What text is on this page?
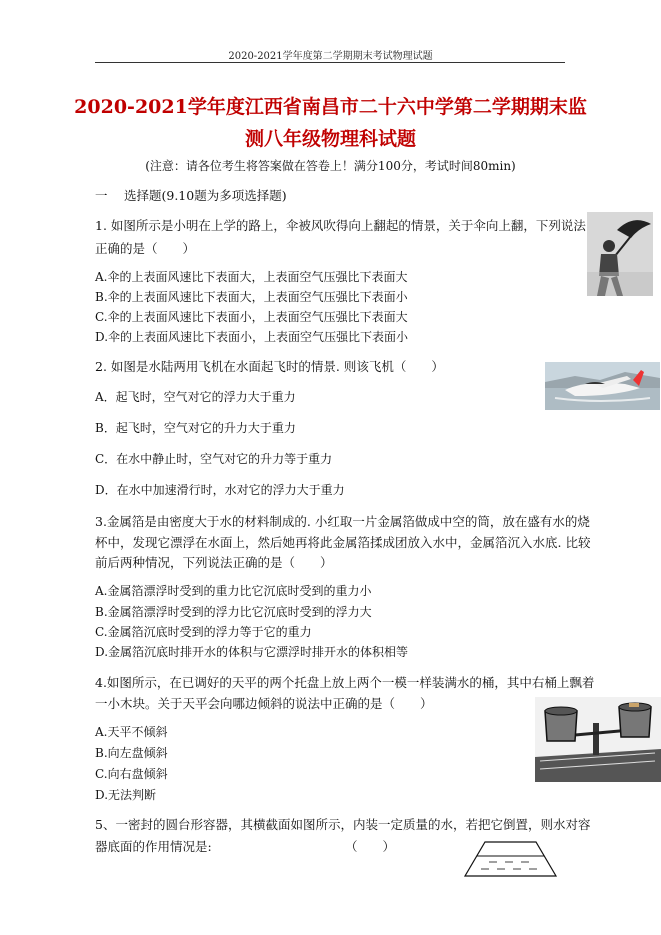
2020-2021学年度第二学期期末考试物理试题
2020-2021学年度江西省南昌市二十六中学第二学期期末监
测八年级物理科试题
(注意：请各位考生将答案做在答卷上！满分100分，考试时间80min)
一 选择题(9.10题为多项选择题)
1. 如图所示是小明在上学的路上，伞被风吹得向上翻起的情景，关于伞向上翻，下列说法
正确的是（　　）
A.伞的上表面风速比下表面大，上表面空气压强比下表面大
B.伞的上表面风速比下表面大，上表面空气压强比下表面小
C.伞的上表面风速比下表面小，上表面空气压强比下表面大
D.伞的上表面风速比下表面小，上表面空气压强比下表面小
2. 如图是水陆两用飞机在水面起飞时的情景. 则该飞机（　　）
A．起飞时，空气对它的浮力大于重力
B．起飞时，空气对它的升力大于重力
C．在水中静止时，空气对它的升力等于重力
D．在水中加速滑行时，水对它的浮力大于重力
3.金属箔是由密度大于水的材料制成的. 小红取一片金属箔做成中空的筒，放在盛有水的烧
杯中，发现它漂浮在水面上，然后她再将此金属箔揉成团放入水中，金属箔沉入水底. 比较
前后两种情况，下列说法正确的是（　　）
A.金属箔漂浮时受到的重力比它沉底时受到的重力小
B.金属箔漂浮时受到的浮力比它沉底时受到的浮力大
C.金属箔沉底时受到的浮力等于它的重力
D.金属箔沉底时排开水的体积与它漂浮时排开水的体积相等
4.如图所示，在已调好的天平的两个托盘上放上两个一模一样装满水的桶，其中右桶上飘着
一小木块。关于天平会向哪边倾斜的说法中正确的是（　　）
A.天平不倾斜
B.向左盘倾斜
C.向右盘倾斜
D.无法判断
5、一密封的圆台形容器，其横截面如图所示，内装一定质量的水，若把它倒置，则水对容
器底面的作用情况是:	（　　）
